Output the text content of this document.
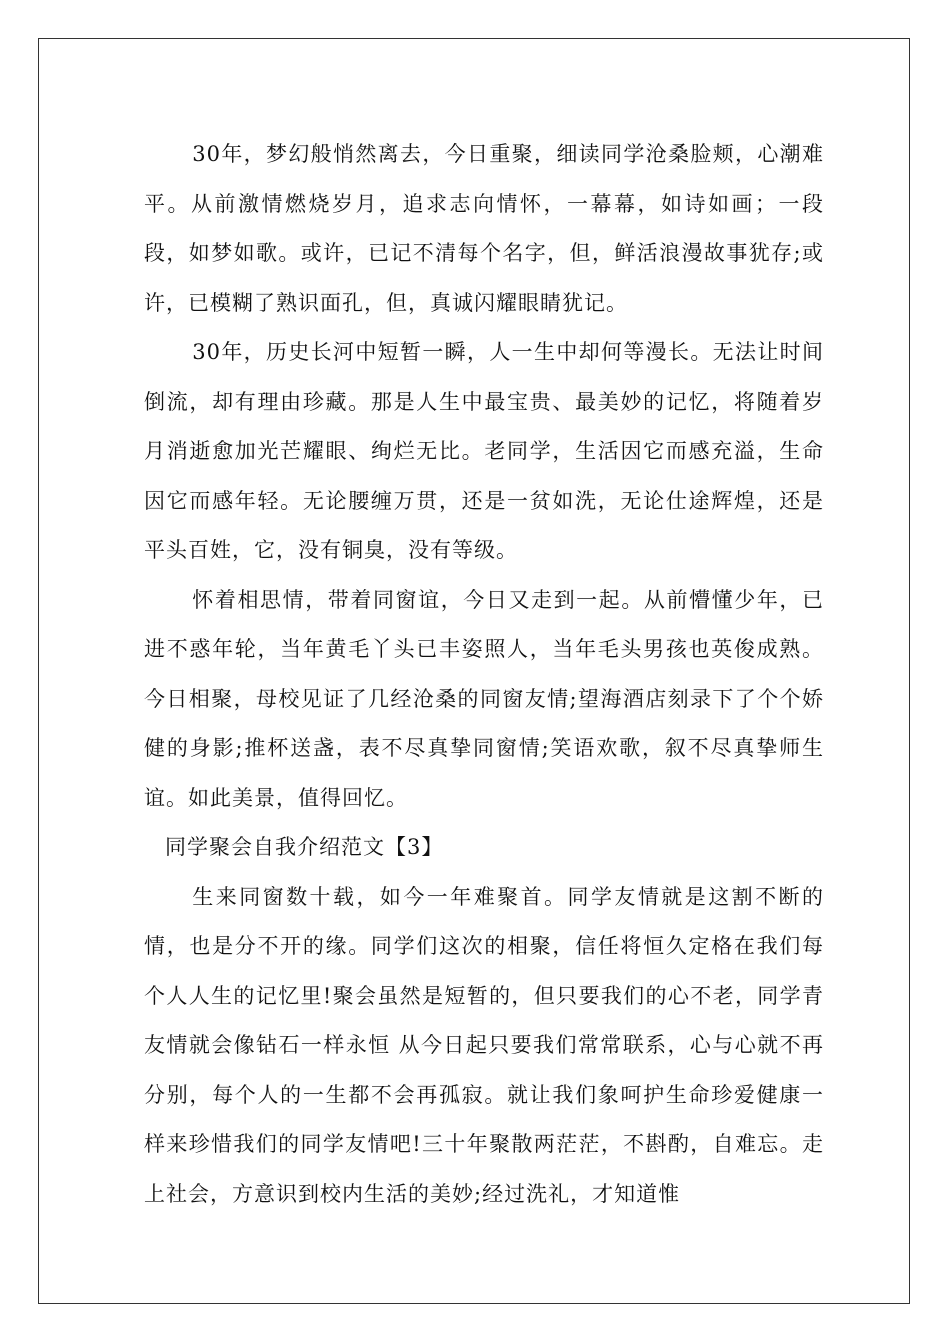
30年，梦幻般悄然离去，今日重聚，细读同学沧桑脸颊，心潮难平。从前激情燃烧岁月，追求志向情怀，一幕幕，如诗如画；一段段，如梦如歌。或许，已记不清每个名字，但，鲜活浪漫故事犹存;或许，已模糊了熟识面孔，但，真诚闪耀眼睛犹记。

30年，历史长河中短暂一瞬，人一生中却何等漫长。无法让时间倒流，却有理由珍藏。那是人生中最宝贵、最美妙的记忆，将随着岁月消逝愈加光芒耀眼、绚烂无比。老同学，生活因它而感充溢，生命因它而感年轻。无论腰缠万贯，还是一贫如洗，无论仕途辉煌，还是平头百姓，它，没有铜臭，没有等级。

怀着相思情，带着同窗谊，今日又走到一起。从前懵懂少年，已进不惑年轮，当年黄毛丫头已丰姿照人，当年毛头男孩也英俊成熟。今日相聚，母校见证了几经沧桑的同窗友情;望海酒店刻录下了个个娇健的身影;推杯送盏，表不尽真挚同窗情;笑语欢歌，叙不尽真挚师生谊。如此美景，值得回忆。

同学聚会自我介绍范文【3】

生来同窗数十载，如今一年难聚首。同学友情就是这割不断的情，也是分不开的缘。同学们这次的相聚，信任将恒久定格在我们每个人人生的记忆里!聚会虽然是短暂的，但只要我们的心不老，同学青友情就会像钻石一样永恒 从今日起只要我们常常联系，心与心就不再分别，每个人的一生都不会再孤寂。就让我们象呵护生命珍爱健康一样来珍惜我们的同学友情吧!三十年聚散两茫茫，不斟酌，自难忘。走上社会，方意识到校内生活的美妙;经过洗礼，才知道惟
